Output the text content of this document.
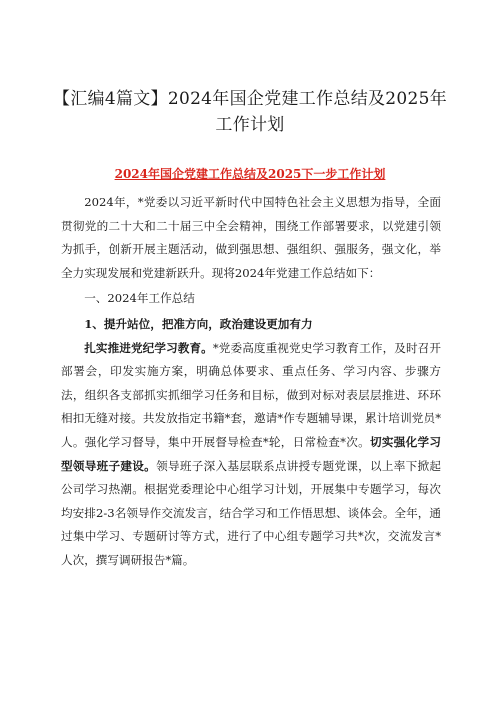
【汇编4篇文】2024年国企党建工作总结及2025年
工作计划
2024年国企党建工作总结及2025下一步工作计划

2024年，*党委以习近平新时代中国特色社会主义思想为指导，全面贯彻党的二十大和二十届三中全会精神，围绕工作部署要求，以党建引领为抓手，创新开展主题活动，做到强思想、强组织、强服务，强文化，举全力实现发展和党建新跃升。现将2024年党建工作总结如下：

一、2024年工作总结

1、提升站位，把准方向，政治建设更加有力

扎实推进党纪学习教育。*党委高度重视党史学习教育工作，及时召开部署会，印发实施方案，明确总体要求、重点任务、学习内容、步骤方法，组织各支部抓实抓细学习任务和目标，做到对标对表层层推进、环环相扣无缝对接。共发放指定书籍*套，邀请*作专题辅导课，累计培训党员*人。强化学习督导，集中开展督导检查*轮，日常检查*次。切实强化学习型领导班子建设。领导班子深入基层联系点讲授专题党课，以上率下掀起公司学习热潮。根据党委理论中心组学习计划，开展集中专题学习，每次均安排2-3名领导作交流发言，结合学习和工作悟思想、谈体会。全年，通过集中学习、专题研讨等方式，进行了中心组专题学习共*次，交流发言*人次，撰写调研报告*篇。
